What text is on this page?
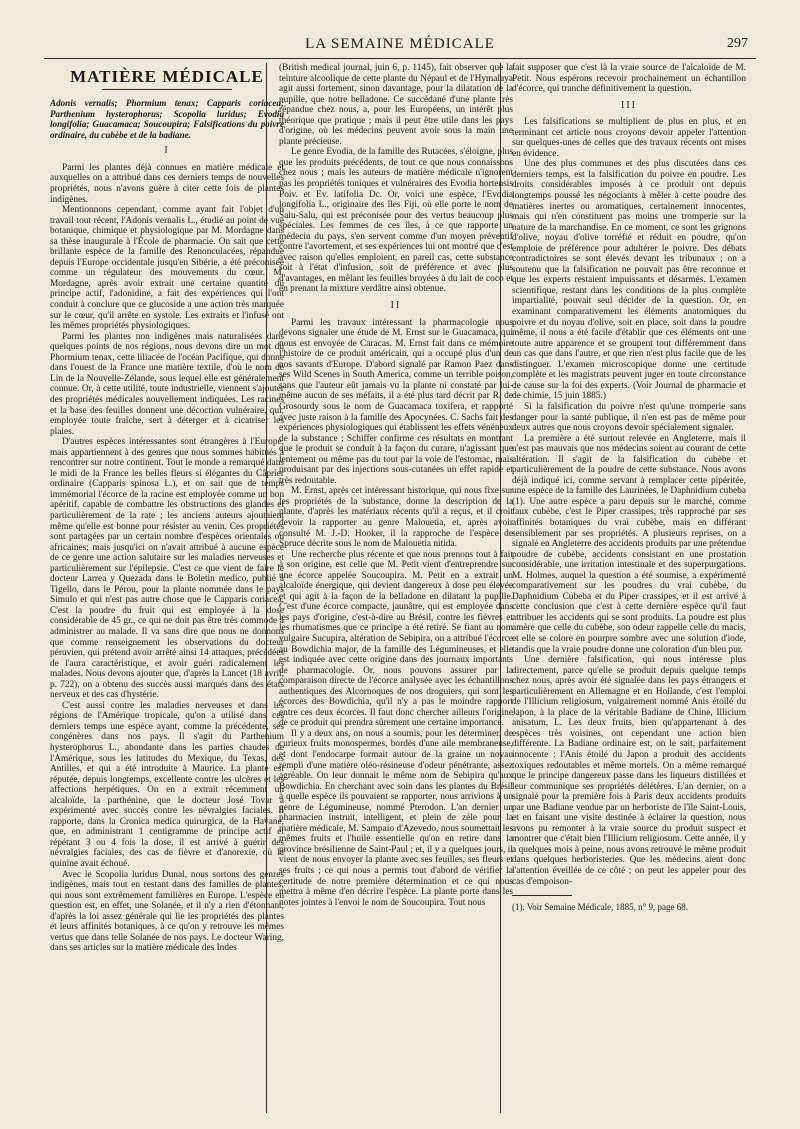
LA SEMAINE MÉDICALE	297
MATIÈRE MÉDICALE

Adonis vernalis; Phormium tenax; Capparis coriacea; Parthenium hysterophorus; Scopolia luridus; Evodia longifolia; Guacamaca; Soucoupira; Falsifications du poivre ordinaire, du cubèbe et de la badiane.

I

Parmi les plantes déjà connues en matière médicale et auxquelles on a attribué dans ces derniers temps de nouvelles propriétés, nous n'avons guère à citer cette fois de plantes indigènes.

Mentionnons cependant, comme ayant fait l'objet d'un travail tout récent, l'Adonis vernalis L., étudié au point de vue botanique, chimique et physiologique par M. Mordagne dans sa thèse inaugurale à l'École de pharmacie. On sait que cette brillante espèce de la famille des Renonculacées, répandue depuis l'Europe occidentale jusqu'en Sibérie, a été préconisée comme un régulateur des mouvements du cœur. M. Mordagne, après avoir extrait une certaine quantité du principe actif, l'adonidine, a fait des expériences qui l'ont conduit à conclure que ce glucoside a une action très marquée sur le cœur, qu'il arrête en systole. Les extraits et l'infusé ont les mêmes propriétés physiologiques.

Parmi les plantes non indigènes mais naturalisées dans quelques points de nos régions, nous devons dire un mot du Phormium tenax, cette liliacée de l'océan Pacifique, qui donne dans l'ouest de la France une matière textile, d'où le nom de Lin de la Nouvelle-Zélande, sous lequel elle est généralement connue. Or, à cette utilité, toute industrielle, viennent s'ajouter des propriétés médicales nouvellement indiquées. Les racines et la base des feuilles donnent une décoction vulnéraire, qui, employée toute fraîche, sert à déterger et à cicatriser les plaies.

D'autres espèces intéressantes sont étrangères à l'Europe, mais appartiennent à des genres que nous sommes habitués à rencontrer sur notre continent. Tout le monde a remarqué dans le midi de la France les belles fleurs si élégantes du Câprier ordinaire (Capparis spinosa L.), et on sait que de temps immémorial l'écorce de la racine est employée comme un bon apéritif, capable de combattre les obstructions des glandes et particulièrement de la rate ; les anciens auteurs ajoutaient même qu'elle est bonne pour résister au venin. Ces propriétés sont partagées par un certain nombre d'espèces orientales ou africaines; mais jusqu'ici on n'avait attribué à aucune espèce de ce genre une action salutaire sur les maladies nerveuses et particulièrement sur l'épilepsie. C'est ce que vient de faire le docteur Larrea y Quezada dans le Boletin medico, publié à Tigello, dans le Pérou, pour la plante nommée dans le pays Simulo et qui n'est pas autre chose que le Capparis coriacea. C'est la poudre du fruit qui est employée à la dose considérable de 45 gr., ce qui ne doit pas être très commode à administrer au malade. Il va sans dire que nous ne donnons que comme renseignement les observations du docteur péruvien, qui prétend avoir arrêté ainsi 14 attaques, précédées de l'aura caractéristique, et avoir guéri radicalement les malades. Nous devons ajouter que, d'après la Lancet (18 avril, p. 722), on a obtenu des succès aussi marqués dans des états nerveux et des cas d'hystérie.

C'est aussi contre les maladies nerveuses et dans les régions de l'Amérique tropicale, qu'on a utilisé dans ces derniers temps une espèce ayant, comme la précédente, ses congénères dans nos pays. Il s'agit du Parthenium hysterophorus L., abondante dans les parties chaudes de l'Amérique, sous les latitudes du Mexique, du Texas, des Antilles, et qui a été introduite à Maurice. La plante est réputée, depuis longtemps, excellente contre les ulcères et les affections herpétiques. On en a extrait récemment un alcaloïde, la parthénine, que le docteur José Tovar a expérimenté avec succès contre les névralgies faciales. Il rapporte, dans la Cronica medica quirurgica, de la Havane, que, en administrant 1 centigramme de principe actif et répétant 3 ou 4 fois la dose, il est arrivé à guérir des névralgies faciales, des cas de fièvre et d'anorexie, où la quinine avait échoué.

Avec le Scopolia luridus Dunal, nous sortons des genres indigènes, mais tout en restant dans des familles de plantes, qui nous sont extrêmement familières en Europe. L'espèce en question est, en effet, une Solanée, et il n'y a rien d'étonnant, d'après la loi assez générale qui lie les propriétés des plantes et leurs affinités botaniques, à ce qu'on y retrouve les mêmes vertus que dans telle Solanée de nos pays. Le docteur Waring, dans ses articles sur la matière médicale des Indes

(British medical journal, juin 6, p. 1145), fait observer que la teinture alcoolique de cette plante du Népaul et de l'Hymalaya agit aussi fortement, sinon davantage, pour la dilatation de la pupille, que notre belladone. Ce succédané d'une plante très répandue chez nous, a, pour les Européens, un intérêt plus théorique que pratique ; mais il peut être utile dans les pays d'origine, où les médecins peuvent avoir sous la main une plante précieuse.

Le genre Evodia, de la famille des Rutacées, s'éloigne, plus que les produits précédents, de tout ce que nous connaissons chez nous ; mais les auteurs de matière médicale n'ignorent pas les propriétés toniques et vulnéraires des Evodia hortensis Poiv. et Ev. latifolia Dc. Or, voici une espèce, l'Evodia longifolia L., originaire des îles Fiji, où elle porte le nom de Salu-Salu, qui est préconisée pour des vertus beaucoup plus spéciales. Les femmes de ces îles, à ce que rapporte un médecin du pays, s'en servent comme d'un moyen préventif contre l'avortement, et ses expériences lui ont montré que c'est avec raison qu'elles emploient, en pareil cas, cette substance soit à l'état d'infusion, soit de préférence et avec plus d'avantages, en mêlant les feuilles broyées à du lait de coco et en prenant la mixture verdâtre ainsi obtenue.

II

Parmi les travaux intéressant la pharmacologie nous devons signaler une étude de M. Ernst sur le Guacamaca, qui nous est envoyée de Caracas. M. Ernst fait dans ce mémoire l'histoire de ce produit américain, qui a occupé plus d'un de nos savants d'Europe. D'abord signalé par Ramon Paez dans ses Wild Scenes in South America, comme un terrible poison, sans que l'auteur eût jamais vu la plante ni constaté par lui-même aucun de ses méfaits, il a été plus tard décrit par R. de Grosourdy sous le nom de Guacamaca toxifera, et rapporté avec juste raison à la famille des Apocynées. C. Sachs fait des expériences physiologiques qui établissent les effets vénéneux de la substance ; Schiffer confirme ces résultats en montrant que le produit se conduit à la façon du curare, n'agissant que lentement ou même pas du tout par la voie de l'estomac, mais produisant par des injections sous-cutanées un effet rapide et très redoutable.

M. Ernst, après cet intéressant historique, qui nous fixe sur les propriétés de la substance, donne la description de la plante, d'après les matériaux récents qu'il a reçus, et il croit devoir la rapporter au genre Malouetia, et, après avoir consulté M. J.-D. Hooker, il la rapproche de l'espèce de Spruce décrite sous le nom de Malouetia nitida.

Une recherche plus récente et que nous prenons tout à fait à son origine, est celle que M. Petit vient d'entreprendre sur une écorce appelée Soucoupira. M. Petit en a extrait un alcaloïde énergique, qui devient dangereux à dose peu élevée et qui agit à la façon de la belladone en dilatant la pupille. C'est d'une écorce compacte, jaunâtre, qui est employée dans les pays d'origine, c'est-à-dire au Brésil, contre les fièvres et les rhumatismes que ce principe a été retiré. Se fiant au nom vulgaire Sucupira, altération de Sebipira, on a attribué l'écorce au Bowdichia major, de la famille des Légumineuses, et elle est indiquée avec cette origine dans des journaux importants de pharmacologie. Or, nous pouvons assurer par la comparaison directe de l'écorce analysée avec les échantillons authentiques des Alcornoques de nos droguiers, qui sont les écorces des Bowdichia, qu'il n'y a pas le moindre rapport entre ces deux écorces. Il faut donc chercher ailleurs l'origine de ce produit qui prendra sûrement une certaine importance.

Il y a deux ans, on nous a soumis, pour les déterminer, de curieux fruits monospermes, bordés d'une aile membraneuse, et dont l'endocarpe formait autour de la graine un noyau rempli d'une matière oléo-résineuse d'odeur pénétrante, assez agréable. On leur donnait le même nom de Sebipira qu'aux Bowdichia. En cherchant avec soin dans les plantes du Brésil à quelle espèce ils pouvaient se rapporter, nous arrivions à un genre de Légumineuse, nommé Pterodon. L'an dernier un pharmacien instruit, intelligent, et plein de zèle pour la matière médicale, M. Sampaio d'Azevedo, nous soumettait les mêmes fruits et l'huile essentielle qu'on en retire dans la province brésilienne de Saint-Paul ; et, il y a quelques jours, il vient de nous envoyer la plante avec ses feuilles, ses fleurs et ses fruits ; ce qui nous a permis tout d'abord de vérifier la certitude de notre première détermination et ce qui nous mettra à même d'en décrire l'espèce. La plante porte dans les notes jointes à l'envoi le nom de Soucoupira. Tout nous

fait supposer que c'est là la vraie source de l'alcaloïde de M. Petit. Nous espérons recevoir prochainement un échantillon d'écorce, qui tranche définitivement la question.

III

Les falsifications se multiplient de plus en plus, et en terminant cet article nous croyons devoir appeler l'attention sur quelques-unes de celles que des travaux récents ont mises en évidence.

Une des plus communes et des plus discutées dans ces derniers temps, est la falsification du poivre en poudre. Les droits considérables imposés à ce produit ont depuis longtemps poussé les négociants à mêler à cette poudre des matières inertes ou aromatiques, certainement innocentes, mais qui n'en constituent pas moins une tromperie sur la nature de la marchandise. En ce moment, ce sont les grignons d'olive, noyau d'olive torréfié et réduit en poudre, qu'on emploie de préférence pour adultérer le poivre. Des débats contradictoires se sont élevés devant les tribunaux ; on a soutenu que la falsification ne pouvait pas être reconnue et que les experts restaient impuissants et désarmés. L'examen scientifique, restant dans les conditions de la plus complète impartialité, pouvait seul décider de la question. Or, en examinant comparativement les éléments anatomiques du poivre et du noyau d'olive, soit en place, soit dans la poudre même, il nous a été facile d'établir que ces éléments ont une toute autre apparence et se groupent tout différemment dans un cas que dans l'autre, et que rien n'est plus facile que de les distinguer. L'examen microscopique donne une certitude complète et les magistrats peuvent juger en toute circonstance de cause sur la foi des experts. (Voir Journal de pharmacie et de chimie, 15 juin 1885.)

Si la falsification du poivre n'est qu'une tromperie sans danger pour la santé publique, il n'en est pas de même pour deux autres que nous croyons devoir spécialement signaler.

La première a été surtout relevée en Angleterre, mais il n'est pas mauvais que nos médecins soient au courant de cette altération. Il s'agit de la falsification du cubèbe et particulièrement de la poudre de cette substance. Nous avons déjà indiqué ici, comme servant à remplacer cette pipéritée, une espèce de la famille des Laurinées, le Daphnidium cubeba (1). Une autre espèce a paru depuis sur le marché, comme faux cubèbe, c'est le Piper crassipes, très rapproché par ses affinités botaniques du vrai cubèbe, mais en différant sensiblement par ses propriétés. A plusieurs reprises, on a signalé en Angleterre des accidents produits par une prétendue poudre de cubèbe, accidents consistant en une prostation considérable, une irritation intestinale et des superpurgations. M. Holmes, auquel la question a été soumise, a expérimenté comparativement sur les poudres du vrai cubèbe, du Daphnidium Cubeba et du Piper crassipes, et il est arrivé à cette conclusion que c'est à cette dernière espèce qu'il faut attribuer les accidents qui se sont produits. La poudre est plus amère que celle du cubèbe, son odeur rappelle celle du macis, et elle se colore en pourpre sombre avec une solution d'iode, tandis que la vraie poudre donne une coloration d'un bleu pur.

Une dernière falsification, qui nous intéresse plus directement, parce qu'elle se produit depuis quelque temps chez nous, après avoir été signalée dans les pays étrangers et particulièrement en Allemagne et en Hollande, c'est l'emploi de l'Illicium religiosum, vulgairement nommé Anis étoilé du Japon, à la place de la véritable Badiane de Chine, Illicium anisatum, L. Les deux fruits, bien qu'appartenant à des espèces très voisines, ont cependant une action bien différente. La Badiane ordinaire est, on le sait, parfaitement innocente : l'Anis étoilé du Japon a produit des accidents toxiques redoutables et même mortels. On a même remarqué que le principe dangereux passe dans les liqueurs distillées et leur communique ses propriétés délétères. L'an dernier, on a signalé pour la première fois à Paris deux accidents produits par une Badiane vendue par un herboriste de l'île Saint-Louis, et en faisant une visite destinée à éclairer la question, nous avons pu remonter à la vraie source du produit suspect et montrer que c'était bien l'Illicium religiosum. Cette année, il y a quelques mois à peine, nous avons retrouvé le même produit dans quelques herboristeries. Que les médecins aient donc l'attention éveillée de ce côté ; on peut les appeler pour des cas d'empoison-

(1). Voir Semaine Médicale, 1885, n° 9, page 68.
